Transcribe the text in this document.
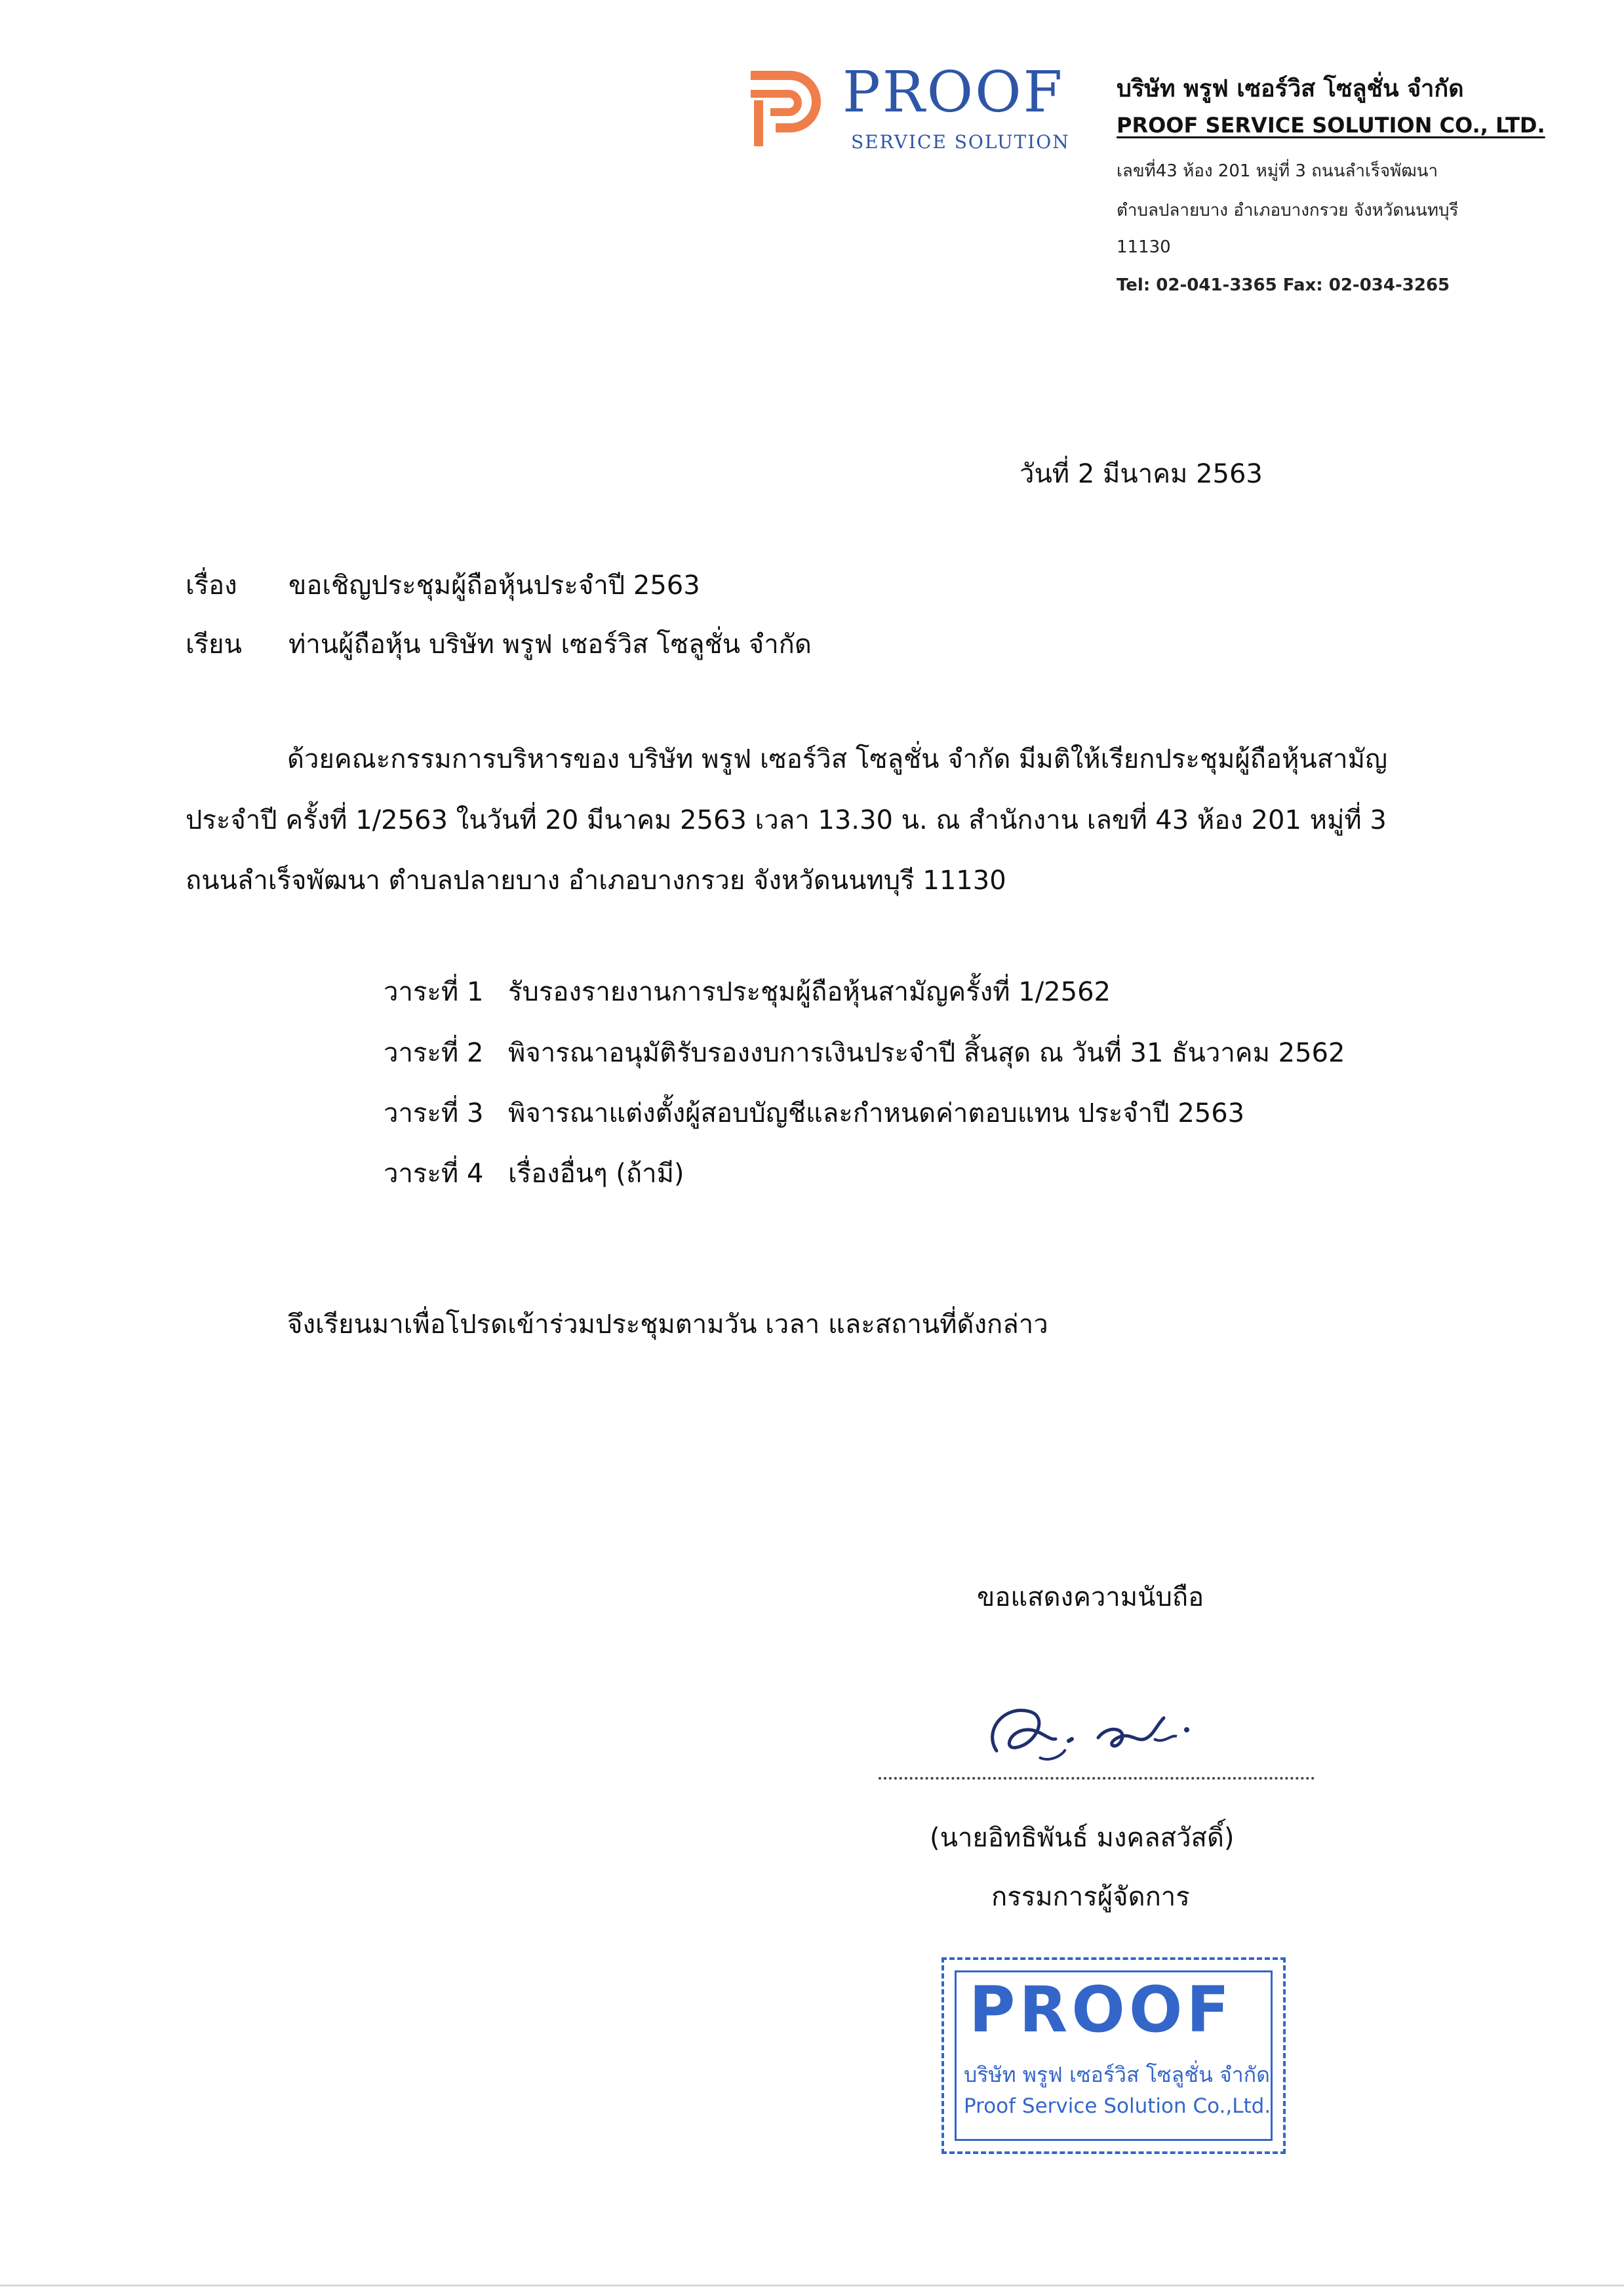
PROOF
SERVICE SOLUTION
บริษัท พรูฟ เซอร์วิส โซลูชั่น จำกัด
PROOF SERVICE SOLUTION CO., LTD.
เลขที่43 ห้อง 201 หมู่ที่ 3 ถนนลำเร็จพัฒนา
ตำบลปลายบาง อำเภอบางกรวย จังหวัดนนทบุรี
11130
Tel: 02-041-3365 Fax: 02-034-3265
วันที่ 2 มีนาคม 2563
เรื่อง ขอเชิญประชุมผู้ถือหุ้นประจำปี 2563
เรียน ท่านผู้ถือหุ้น บริษัท พรูฟ เซอร์วิส โซลูชั่น จำกัด
ด้วยคณะกรรมการบริหารของ บริษัท พรูฟ เซอร์วิส โซลูชั่น จำกัด มีมติให้เรียกประชุมผู้ถือหุ้นสามัญ
ประจำปี ครั้งที่ 1/2563 ในวันที่ 20 มีนาคม 2563 เวลา 13.30 น. ณ สำนักงาน เลขที่ 43 ห้อง 201 หมู่ที่ 3
ถนนลำเร็จพัฒนา ตำบลปลายบาง อำเภอบางกรวย จังหวัดนนทบุรี 11130
วาระที่ 1 รับรองรายงานการประชุมผู้ถือหุ้นสามัญครั้งที่ 1/2562
วาระที่ 2 พิจารณาอนุมัติรับรองงบการเงินประจำปี สิ้นสุด ณ วันที่ 31 ธันวาคม 2562
วาระที่ 3 พิจารณาแต่งตั้งผู้สอบบัญชีและกำหนดค่าตอบแทน ประจำปี 2563
วาระที่ 4 เรื่องอื่นๆ (ถ้ามี)
จึงเรียนมาเพื่อโปรดเข้าร่วมประชุมตามวัน เวลา และสถานที่ดังกล่าว
ขอแสดงความนับถือ
(นายอิทธิพันธ์ มงคลสวัสดิ์)
กรรมการผู้จัดการ
PROOF
บริษัท พรูฟ เซอร์วิส โซลูชั่น จำกัด
Proof Service Solution Co.,Ltd.
